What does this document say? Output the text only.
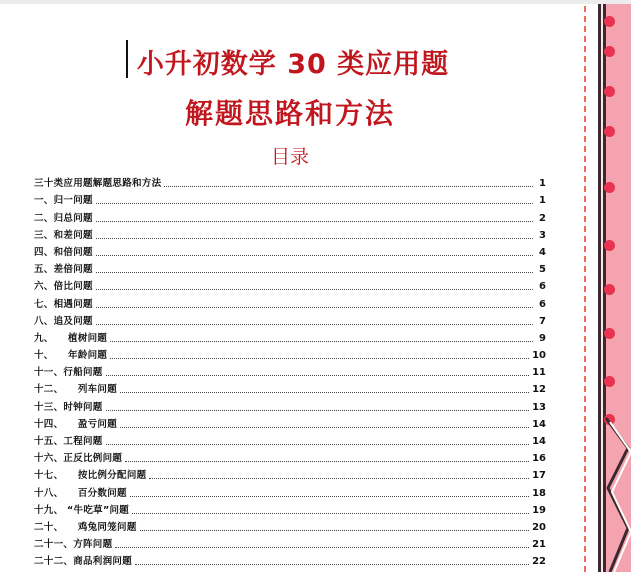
小升初数学 30 类应用题
解题思路和方法
目录
三十类应用题解题思路和方法	1
一、归一问题	1
二、归总问题	2
三、和差问题	3
四、和倍问题	4
五、差倍问题	5
六、倍比问题	6
七、相遇问题	6
八、追及问题	7
九、    植树问题	9
十、    年龄问题	10
十一、行船问题	11
十二、    列车问题	12
十三、时钟问题	13
十四、    盈亏问题	14
十五、工程问题	14
十六、正反比例问题	16
十七、    按比例分配问题	17
十八、    百分数问题	18
十九、 “牛吃草”问题	19
二十、    鸡兔同笼问题	20
二十一、方阵问题	21
二十二、商品利润问题	22
